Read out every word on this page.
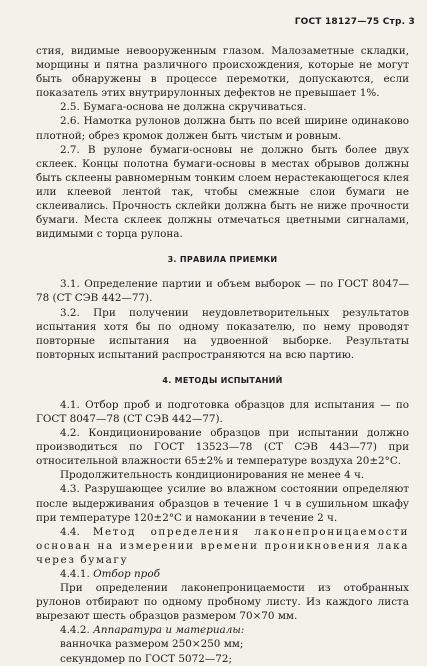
ГОСТ 18127—75 Стр. 3

стия, видимые невооруженным глазом. Малозаметные складки, морщины и пятна различного происхождения, которые не могут быть обнаружены в процессе перемотки, допускаются, если показатель этих внутрирулонных дефектов не превышает 1%.

2.5. Бумага-основа не должна скручиваться.

2.6. Намотка рулонов должна быть по всей ширине одинаково плотной; обрез кромок должен быть чистым и ровным.

2.7. В рулоне бумаги-основы не должно быть более двух склеек. Концы полотна бумаги-основы в местах обрывов должны быть склеены равномерным тонким слоем нерастекающегося клея или клеевой лентой так, чтобы смежные слои бумаги не склеивались. Прочность склейки должна быть не ниже прочности бумаги. Места склеек должны отмечаться цветными сигналами, видимыми с торца рулона.

3. ПРАВИЛА ПРИЕМКИ

3.1. Определение партии и объем выборок — по ГОСТ 8047—78 (СТ СЭВ 442—77).

3.2. При получении неудовлетворительных результатов испытания хотя бы по одному показателю, по нему проводят повторные испытания на удвоенной выборке. Результаты повторных испытаний распространяются на всю партию.

4. МЕТОДЫ ИСПЫТАНИЙ

4.1. Отбор проб и подготовка образцов для испытания — по ГОСТ 8047—78 (СТ СЭВ 442—77).

4.2. Кондиционирование образцов при испытании должно производиться по ГОСТ 13523—78 (СТ СЭВ 443—77) при относительной влажности 65±2% и температуре воздуха 20±2°С.

Продолжительность кондиционирования не менее 4 ч.

4.3. Разрушающее усилие во влажном состоянии определяют после выдерживания образцов в течение 1 ч в сушильном шкафу при температуре 120±2°С и намокании в течение 2 ч.

4.4. Метод определения лаконепроницаемости основан на измерении времени проникновения лака через бумагу

4.4.1. Отбор проб

При определении лаконепроницаемости из отобранных рулонов отбирают по одному пробному листу. Из каждого листа вырезают шесть образцов размером 70×70 мм.

4.4.2. Аппаратура и материалы:

ванночка размером 250×250 мм;

секундомер по ГОСТ 5072—72;
